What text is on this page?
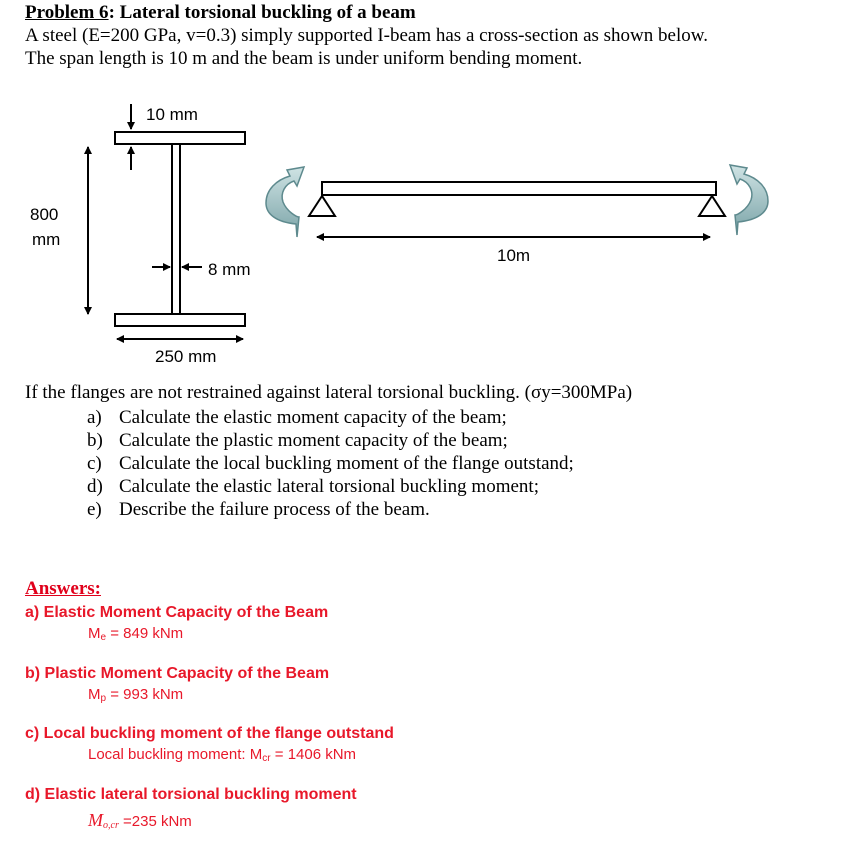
Problem 6: Lateral torsional buckling of a beam
A steel (E=200 GPa, v=0.3) simply supported I-beam has a cross-section as shown below.
The span length is 10 m and the beam is under uniform bending moment.
10 mm
800
mm
8 mm
250 mm
10m
If the flanges are not restrained against lateral torsional buckling. (σy=300MPa)
a) Calculate the elastic moment capacity of the beam;
b) Calculate the plastic moment capacity of the beam;
c) Calculate the local buckling moment of the flange outstand;
d) Calculate the elastic lateral torsional buckling moment;
e) Describe the failure process of the beam.
Answers:
a) Elastic Moment Capacity of the Beam
$M_e = 849$ kNm
b) Plastic Moment Capacity of the Beam
$M_p = 993$ kNm
c) Local buckling moment of the flange outstand
Local buckling moment: $M_{cr} = 1406$ kNm
d) Elastic lateral torsional buckling moment
$M_{o,cr} =235$ kNm
